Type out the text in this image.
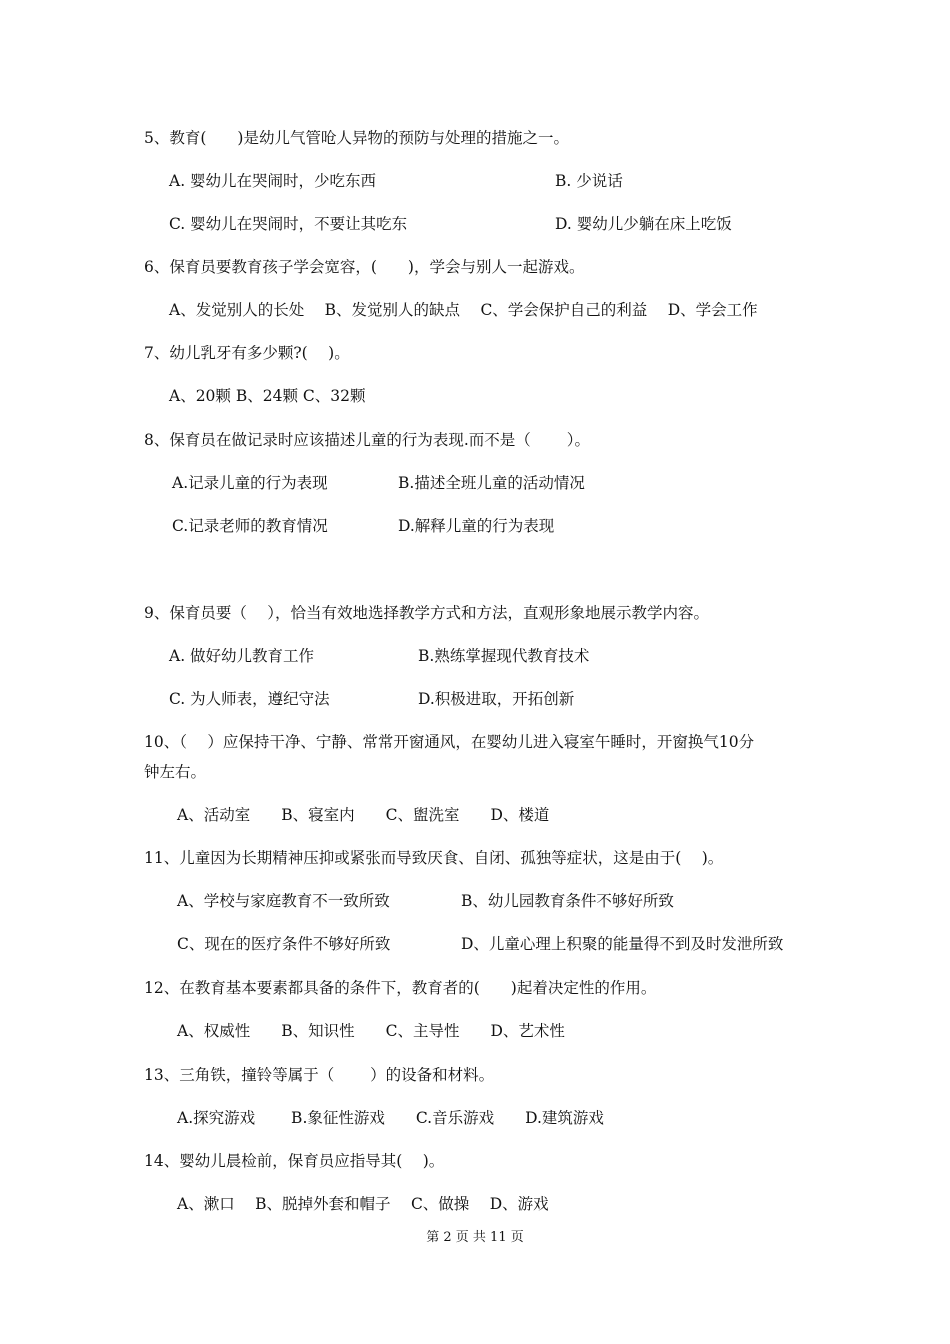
5、教育(　　)是幼儿气管呛人异物的预防与处理的措施之一。
A. 婴幼儿在哭闹时，少吃东西	B. 少说话
C. 婴幼儿在哭闹时，不要让其吃东	D. 婴幼儿少躺在床上吃饭
6、保育员要教育孩子学会宽容，(　　)，学会与别人一起游戏。
A、发觉别人的长处　 B、发觉别人的缺点　 C、学会保护自己的利益　 D、学会工作
7、幼儿乳牙有多少颗?(　 )。
A、20颗 B、24颗 C、32颗
8、保育员在做记录时应该描述儿童的行为表现.而不是（　　 ）。
A.记录儿童的行为表现	B.描述全班儿童的活动情况
C.记录老师的教育情况	D.解释儿童的行为表现
9、保育员要（　 ），恰当有效地选择教学方式和方法，直观形象地展示教学内容。
A. 做好幼儿教育工作	B.熟练掌握现代教育技术
C. 为人师表，遵纪守法	D.积极进取，开拓创新
10、（　 ）应保持干净、宁静、常常开窗通风，在婴幼儿进入寝室午睡时，开窗换气10分
钟左右。
A、活动室　　B、寝室内　　C、盥洗室　　D、楼道
11、儿童因为长期精神压抑或紧张而导致厌食、自闭、孤独等症状，这是由于(　 )。
A、学校与家庭教育不一致所致	B、幼儿园教育条件不够好所致
C、现在的医疗条件不够好所致	D、儿童心理上积聚的能量得不到及时发泄所致
12、在教育基本要素都具备的条件下，教育者的(　　)起着决定性的作用。
A、权威性　　B、知识性　　C、主导性　　D、艺术性
13、三角铁，撞铃等属于（　　 ）的设备和材料。
A.探究游戏　　 B.象征性游戏　　C.音乐游戏　　D.建筑游戏
14、婴幼儿晨检前，保育员应指导其(　 )。
A、漱口　 B、脱掉外套和帽子　 C、做操　 D、游戏
第 2 页 共 11 页
